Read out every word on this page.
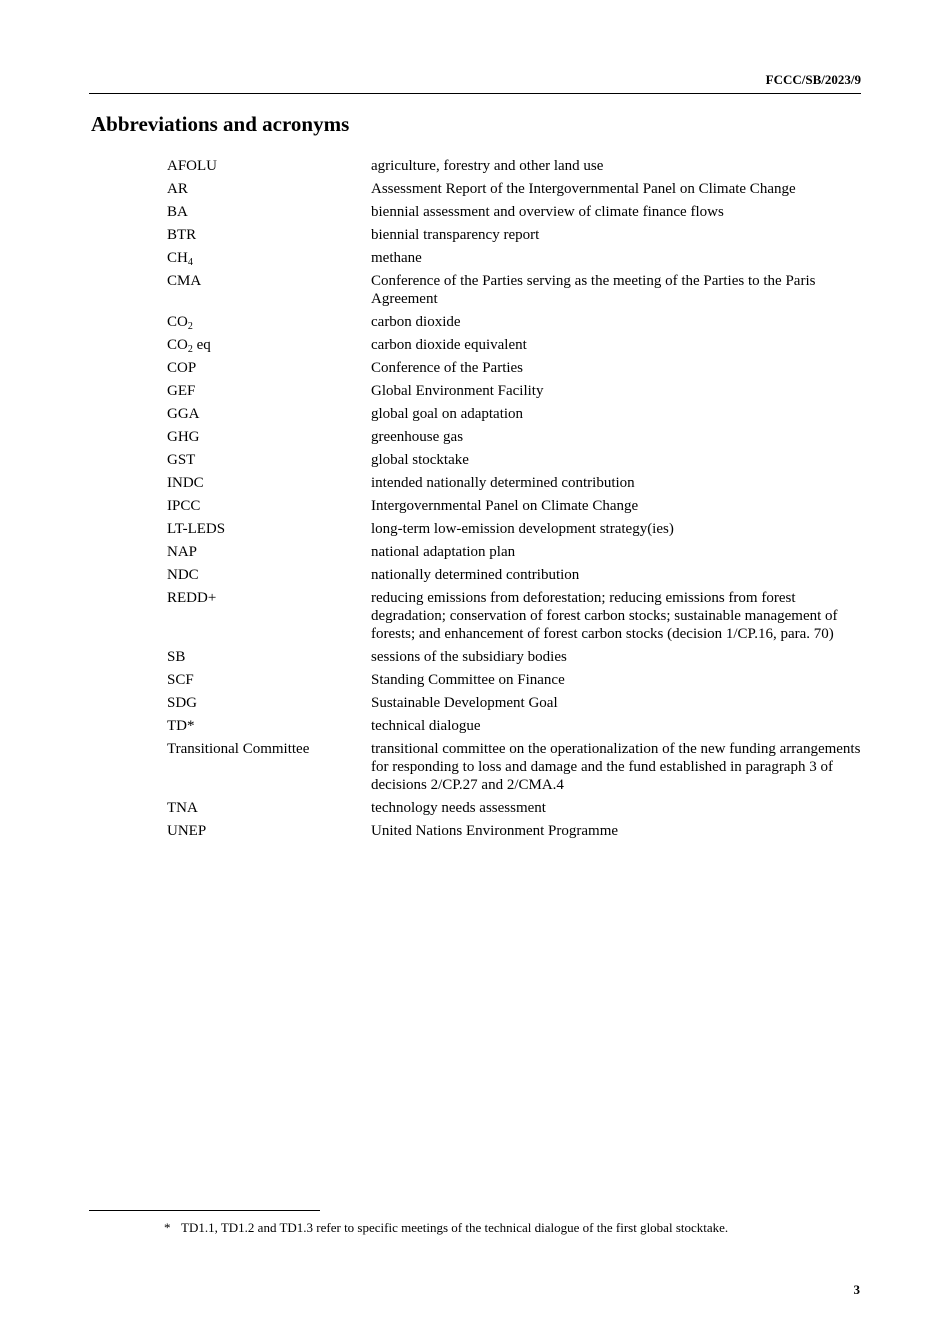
FCCC/SB/2023/9
Abbreviations and acronyms
AFOLU	agriculture, forestry and other land use
AR	Assessment Report of the Intergovernmental Panel on Climate Change
BA	biennial assessment and overview of climate finance flows
BTR	biennial transparency report
$CH_4$	methane
CMA	Conference of the Parties serving as the meeting of the Parties to the Paris Agreement
$CO_2$	carbon dioxide
$CO_2$ eq	carbon dioxide equivalent
COP	Conference of the Parties
GEF	Global Environment Facility
GGA	global goal on adaptation
GHG	greenhouse gas
GST	global stocktake
INDC	intended nationally determined contribution
IPCC	Intergovernmental Panel on Climate Change
LT-LEDS	long-term low-emission development strategy(ies)
NAP	national adaptation plan
NDC	nationally determined contribution
REDD+	reducing emissions from deforestation; reducing emissions from forest degradation; conservation of forest carbon stocks; sustainable management of forests; and enhancement of forest carbon stocks (decision 1/CP.16, para. 70)
SB	sessions of the subsidiary bodies
SCF	Standing Committee on Finance
SDG	Sustainable Development Goal
TD*	technical dialogue
Transitional Committee	transitional committee on the operationalization of the new funding arrangements for responding to loss and damage and the fund established in paragraph 3 of decisions 2/CP.27 and 2/CMA.4
TNA	technology needs assessment
UNEP	United Nations Environment Programme
* TD1.1, TD1.2 and TD1.3 refer to specific meetings of the technical dialogue of the first global stocktake.
3
